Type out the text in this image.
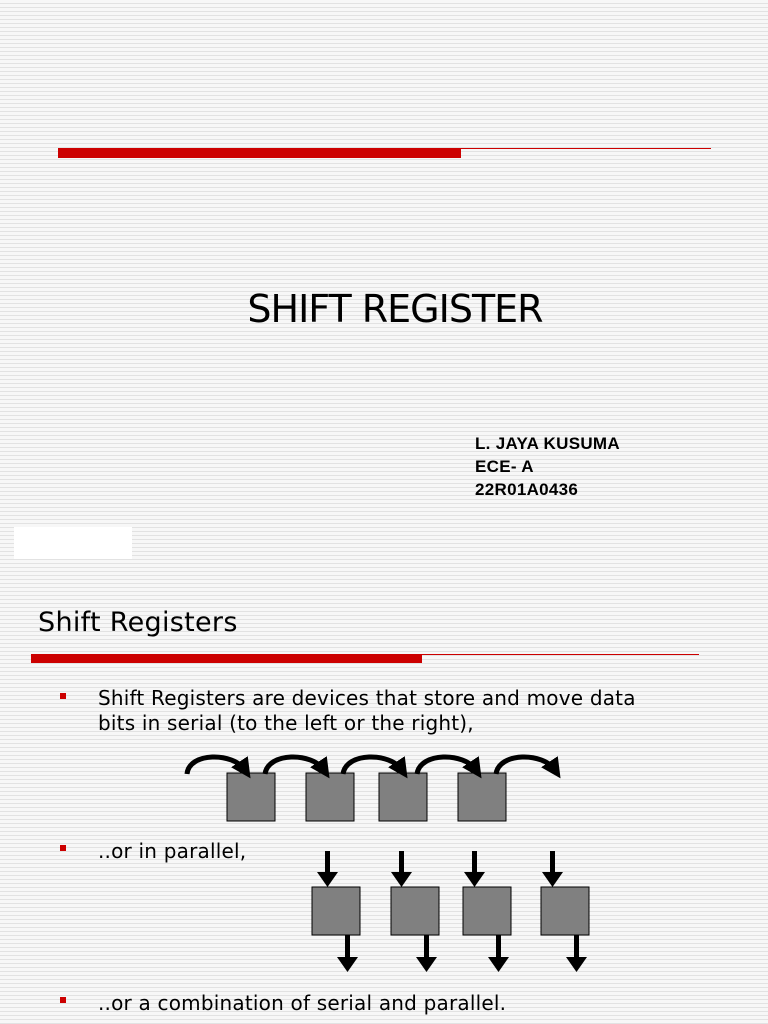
SHIFT REGISTER
L. JAYA KUSUMA
ECE- A
22R01A0436
Shift Registers
Shift Registers are devices that store and move data
bits in serial (to the left or the right),
..or in parallel,
..or a combination of serial and parallel.
